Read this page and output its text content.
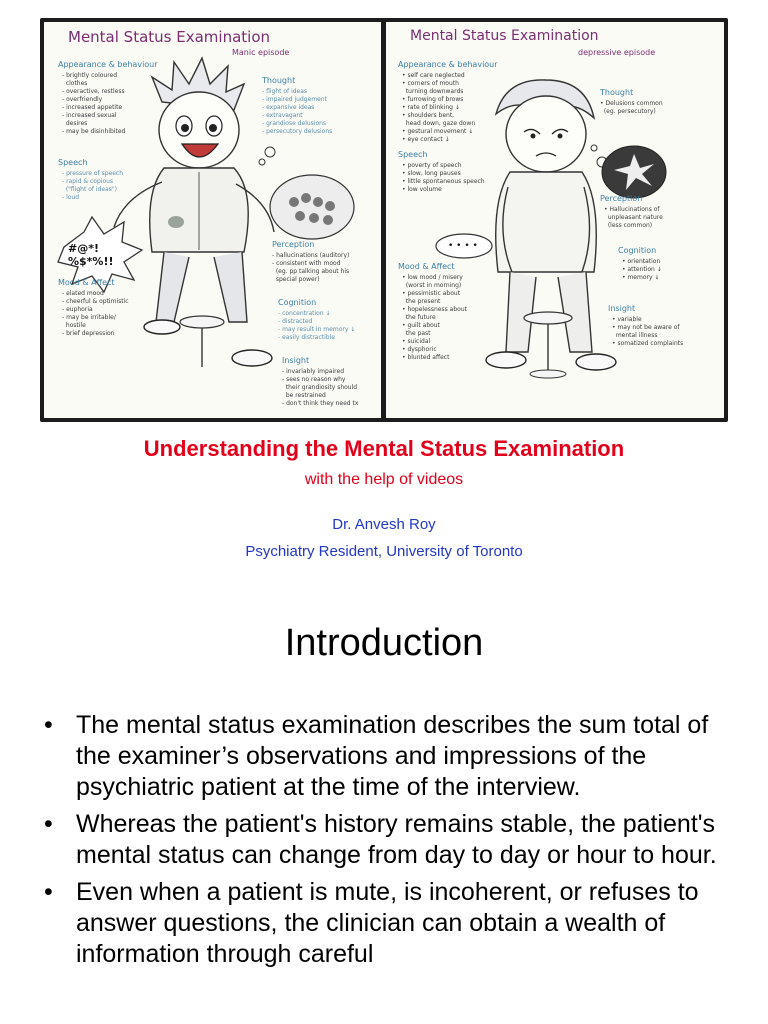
Mental Status Examination
Manic episode
Appearance & behaviour
- brightly coloured
clothes
- overactive, restless
- overfriendly
- increased appetite
- increased sexual
desires
- may be disinhibited
Speech
- pressure of speech
- rapid & copious
("flight of ideas")
- loud
#@*!
%$*%!!
Mood & Affect
- elated mood
- cheerful & optimistic
- euphoria
- may be irritable/
hostile
- brief depression
Thought
- flight of ideas
- impaired judgement
- expansive ideas
- extravagant
- grandiose delusions
- persecutory delusions
Perception
- hallucinations (auditory)
- consistent with mood
(eg. pp talking about his
special power)
Cognition
- concentration ↓
- distracted
- may result in memory ↓
- easily distractible
Insight
- invariably impaired
- sees no reason why
their grandiosity should
be restrained
- don't think they need tx
Mental Status Examination
depressive episode
Appearance & behaviour
• self care neglected
• corners of mouth
turning downwards
• furrowing of brows
• rate of blinking ↓
• shoulders bent,
head down, gaze down
• gestural movement ↓
• eye contact ↓
Speech
• poverty of speech
• slow, long pauses
• little spontaneous speech
• low volume
• • • •
Mood & Affect
• low mood / misery
(worst in morning)
• pessimistic about
the present
• hopelessness about
the future
• guilt about
the past
• suicidal
• dysphoric
• blunted affect
Thought
• Delusions common
(eg. persecutory)
Perception
• Hallucinations of
unpleasant nature
(less common)
Cognition
• orientation
• attention ↓
• memory ↓
Insight
• variable
• may not be aware of
mental illness
• somatized complaints
Understanding the Mental Status Examination
with the help of videos
Dr. Anvesh Roy
Psychiatry Resident, University of Toronto
Introduction
• The mental status examination describes the sum total of the examiner’s observations and impressions of the psychiatric patient at the time of the interview.
• Whereas the patient's history remains stable, the patient's mental status can change from day to day or hour to hour.
• Even when a patient is mute, is incoherent, or refuses to answer questions, the clinician can obtain a wealth of information through careful
